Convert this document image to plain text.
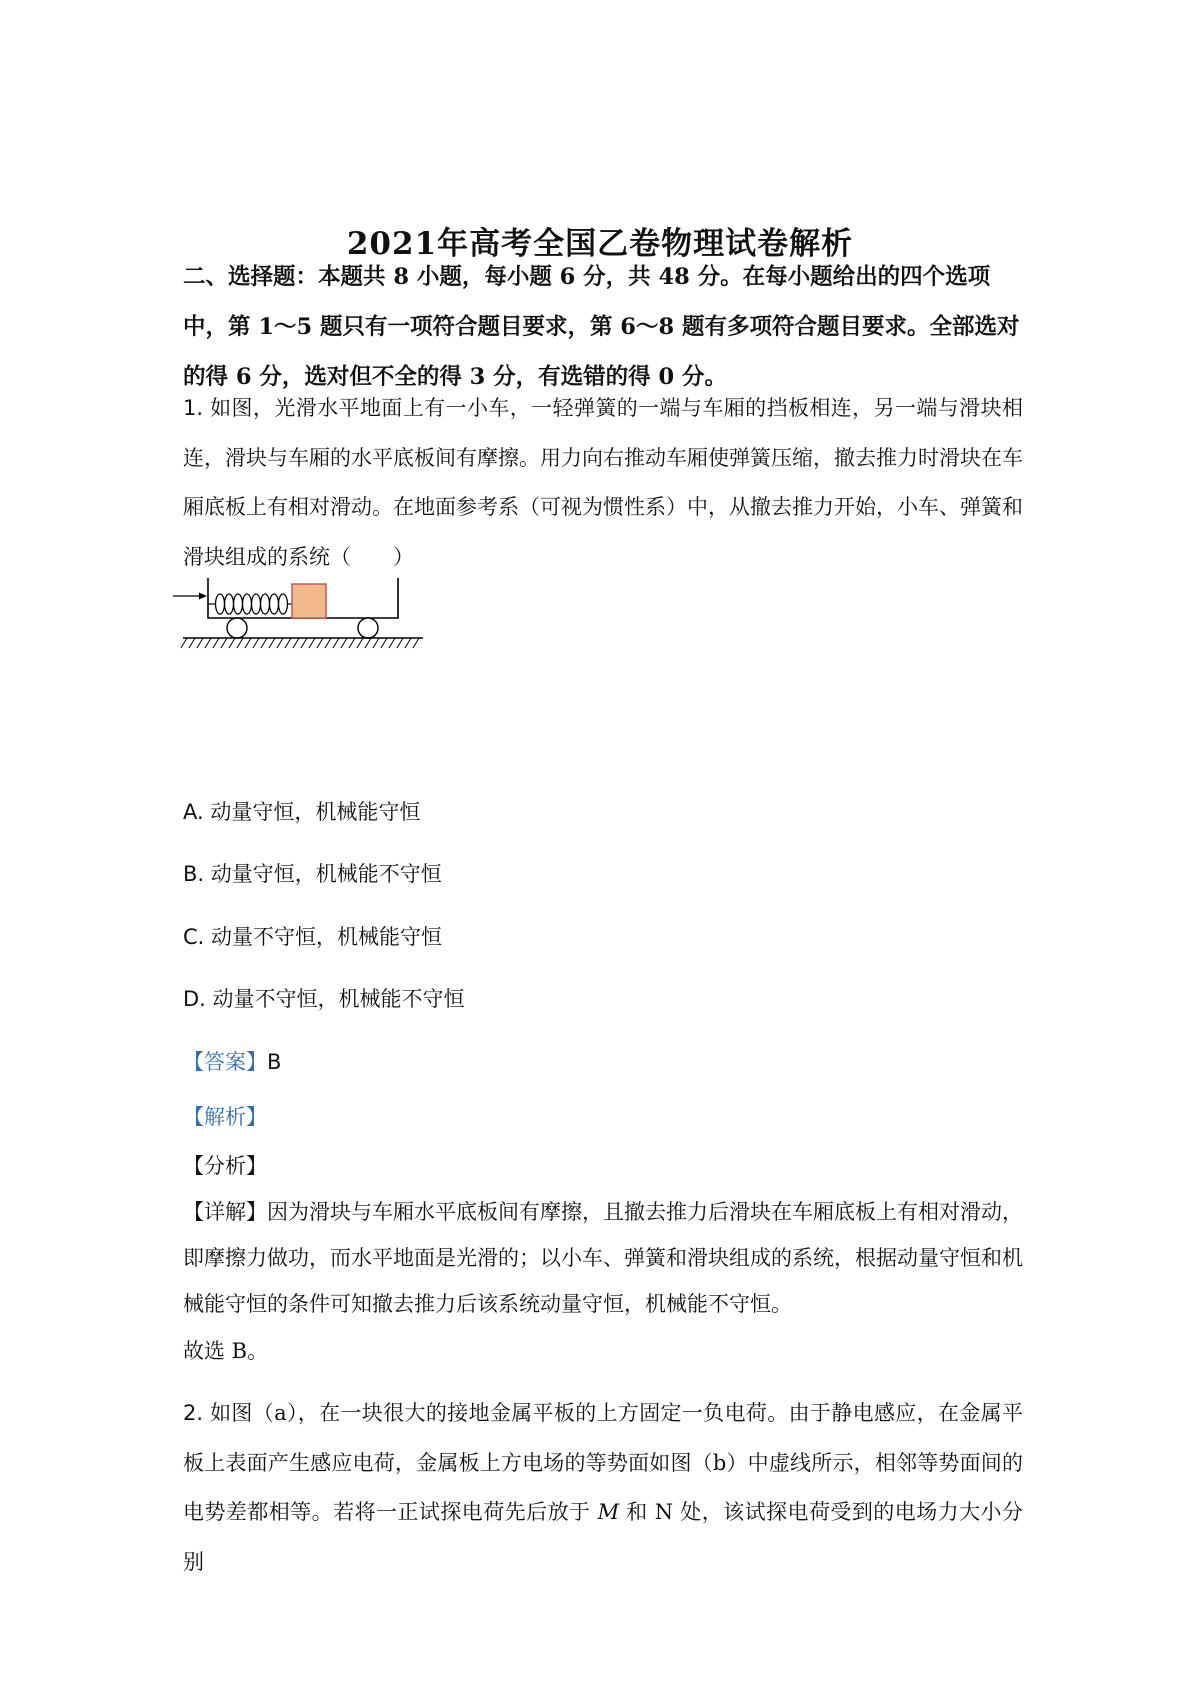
2021年高考全国乙卷物理试卷解析
二、选择题：本题共 8 小题，每小题 6 分，共 48 分。在每小题给出的四个选项中，第 1～5 题只有一项符合题目要求，第 6～8 题有多项符合题目要求。全部选对的得 6 分，选对但不全的得 3 分，有选错的得 0 分。
1. 如图，光滑水平地面上有一小车，一轻弹簧的一端与车厢的挡板相连，另一端与滑块相连，滑块与车厢的水平底板间有摩擦。用力向右推动车厢使弹簧压缩，撤去推力时滑块在车厢底板上有相对滑动。在地面参考系（可视为惯性系）中，从撤去推力开始，小车、弹簧和滑块组成的系统（　　）
A. 动量守恒，机械能守恒
B. 动量守恒，机械能不守恒
C. 动量不守恒，机械能守恒
D. 动量不守恒，机械能不守恒
【答案】B
【解析】
【分析】
【详解】因为滑块与车厢水平底板间有摩擦，且撤去推力后滑块在车厢底板上有相对滑动，即摩擦力做功，而水平地面是光滑的；以小车、弹簧和滑块组成的系统，根据动量守恒和机械能守恒的条件可知撤去推力后该系统动量守恒，机械能不守恒。
故选 B。
2. 如图（a），在一块很大的接地金属平板的上方固定一负电荷。由于静电感应，在金属平板上表面产生感应电荷，金属板上方电场的等势面如图（b）中虚线所示，相邻等势面间的电势差都相等。若将一正试探电荷先后放于 M 和 N 处，该试探电荷受到的电场力大小分别
